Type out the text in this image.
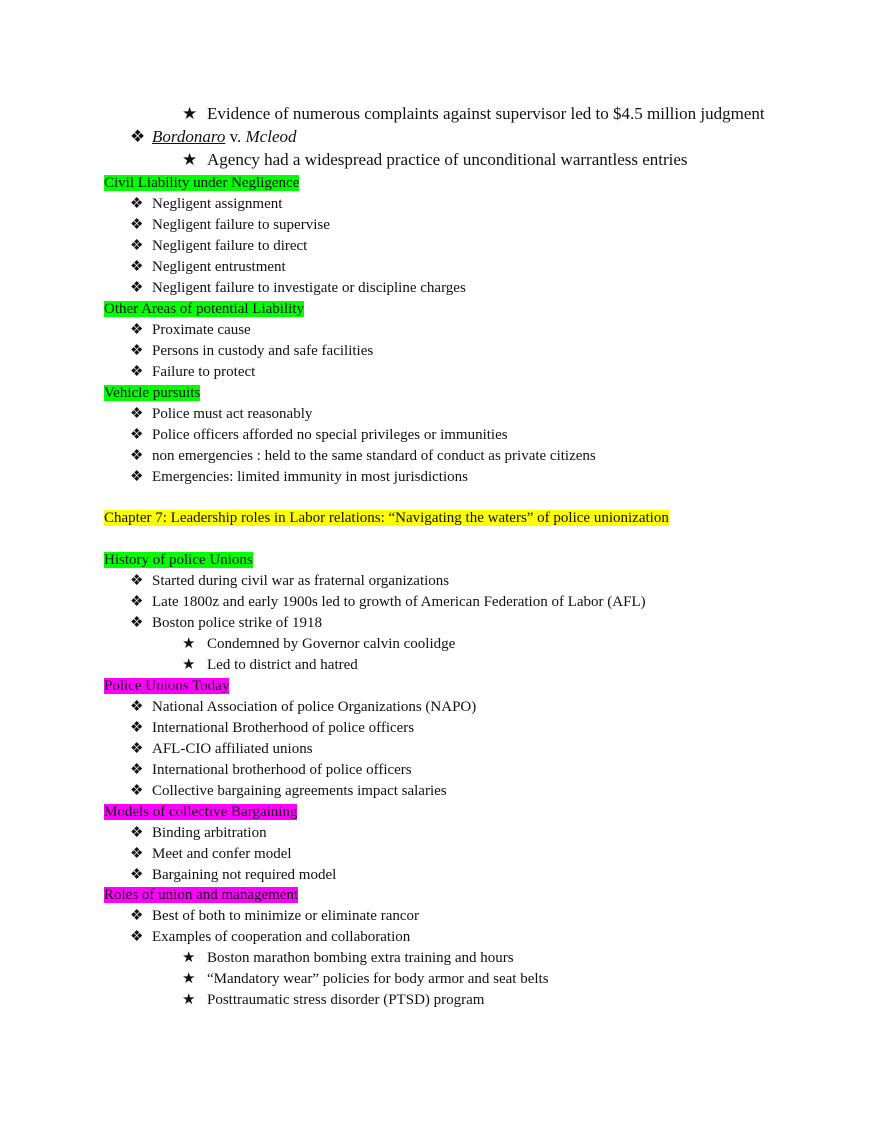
★ Evidence of numerous complaints against supervisor led to $4.5 million judgment
❖ Bordonaro v. Mcleod
★ Agency had a widespread practice of unconditional warrantless entries
Civil Liability under Negligence
❖ Negligent assignment
❖ Negligent failure to supervise
❖ Negligent failure to direct
❖ Negligent entrustment
❖ Negligent failure to investigate or discipline charges
Other Areas of potential Liability
❖ Proximate cause
❖ Persons in custody and safe facilities
❖ Failure to protect
Vehicle pursuits
❖ Police must act reasonably
❖ Police officers afforded no special privileges or immunities
❖ non emergencies : held to the same standard of conduct as private citizens
❖ Emergencies: limited immunity in most jurisdictions
Chapter 7: Leadership roles in Labor relations: “Navigating the waters” of police unionization
History of police Unions
❖ Started during civil war as fraternal organizations
❖ Late 1800z and early 1900s led to growth of American Federation of Labor (AFL)
❖ Boston police strike of 1918
★ Condemned by Governor calvin coolidge
★ Led to district and hatred
Police Unions Today
❖ National Association of police Organizations (NAPO)
❖ International Brotherhood of police officers
❖ AFL-CIO affiliated unions
❖ International brotherhood of police officers
❖ Collective bargaining agreements impact salaries
Models of collective Bargaining
❖ Binding arbitration
❖ Meet and confer model
❖ Bargaining not required model
Roles of union and management
❖ Best of both to minimize or eliminate rancor
❖ Examples of cooperation and collaboration
★ Boston marathon bombing extra training and hours
★ “Mandatory wear” policies for body armor and seat belts
★ Posttraumatic stress disorder (PTSD) program
